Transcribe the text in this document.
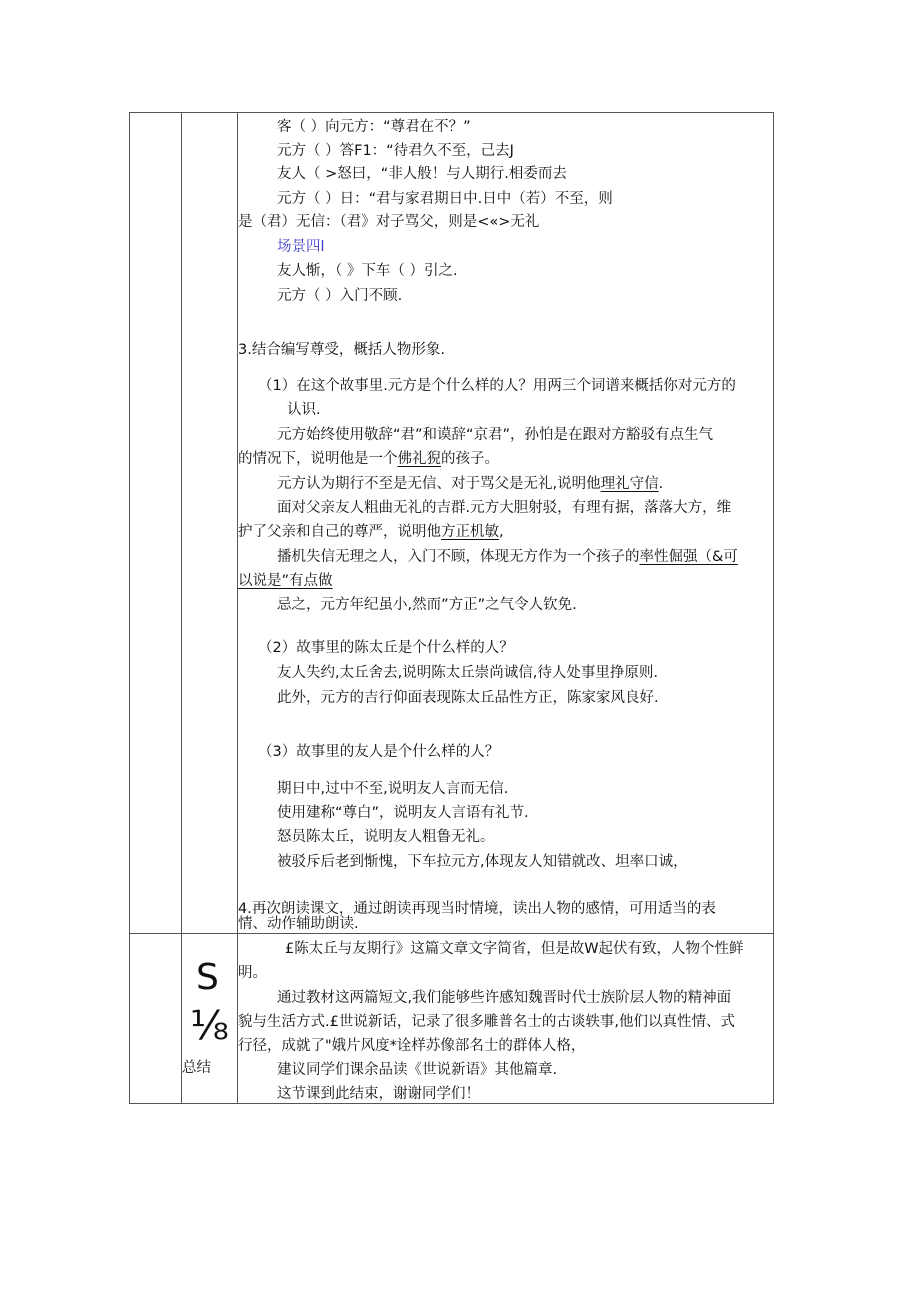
客（ ）向元方：“尊君在不？”
元方（ ）答F1：“待君久不至，己去J
友人（ >怒曰，“非人般！与人期行.相委而去
元方（ ）日：“君与家君期日中.日中（若）不至，则
是（君）无信：（君》对子骂父，则是<«>无礼
场景四l
友人惭，（ 》下车（ ）引之.
元方（ ）入门不顾.
3.结合编写尊受，概括人物形象.
（1）在这个故事里.元方是个什么样的人？用两三个词谱来概括你对元方的
认识.
元方始终使用敬辞“君”和谟辞“京君”，孙怕是在跟对方豁驳有点生气
的情况下，说明他是一个佛礼猊的孩子。
元方认为期行不至是无信、对于骂父是无礼,说明他理礼守信.
面对父亲友人粗曲无礼的吉群.元方大胆射驳，有理有据，落落大方，维
护了父亲和自己的尊严，说明他方正机敏,
播机失信无理之人，入门不顾，体现无方作为一个孩子的率性倔强（&可
以说是”有点做
忌之，元方年纪虽小,然而”方正”之气令人钦免.
（2）故事里的陈太丘是个什么样的人？
友人失约,太丘舍去,说明陈太丘崇尚诚信,待人处事里挣原则.
此外，元方的吉行仰面表现陈太丘品性方正，陈家家风良好.
（3）故事里的友人是个什么样的人？
期日中,过中不至,说明友人言而无信.
使用建称“尊白”，说明友人言语有礼节.
怒员陈太丘，说明友人粗鲁无礼。
被驳斥后老到惭愧，下车拉元方,体现友人知错就改、坦率口诚，
4.再次朗读课文，通过朗读再现当时情境，读出人物的感情，可用适当的表
情、动作辅助朗读.
S
⅛
总结
£陈太丘与友期行》这篇文章文字简省，但是故W起伏有致，人物个性鲜
明。
通过教材这两篇短文,我们能够些许感知魏晋时代士族阶层人物的精神面
貌与生活方式.£世说新话，记录了很多雕普名士的古谈轶事,他们以真性情、式
行径，成就了"娥片风度*诠样苏像部名士的群体人格，
建议同学们课余品读《世说新语》其他篇章.
这节课到此结束，谢谢同学们！
